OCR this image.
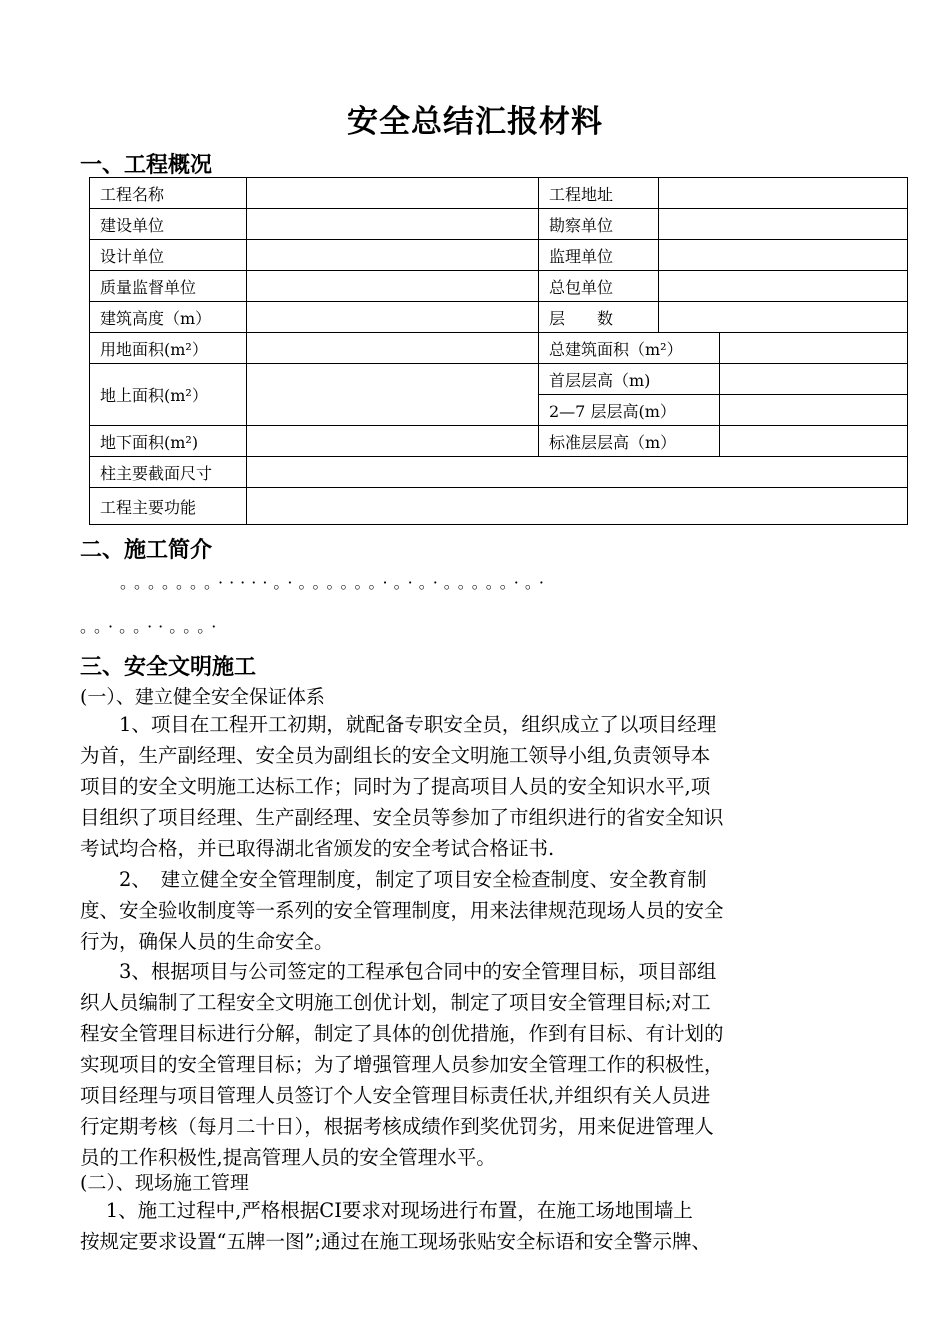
安全总结汇报材料
一、工程概况
工程名称		工程地址		
建设单位		勘察单位		
设计单位		监理单位		
质量监督单位		总包单位		
建筑高度（m）		层　　数		
用地面积(m²）		总建筑面积（m²）		
地上面积(m²）		首层层高（m)		
		2—7 层层高(m）		
地下面积(m²)		标准层层高（m）		
柱主要截面尺寸				
工程主要功能				
二、施工简介
。。。。。。。·····。·。。。。。。·。·。·。。。。。·。·
。。·。。··。。。·
三、安全文明施工
(一）、建立健全安全保证体系
　　1、项目在工程开工初期，就配备专职安全员，组织成立了以项目经理
为首，生产副经理、安全员为副组长的安全文明施工领导小组,负责领导本
项目的安全文明施工达标工作；同时为了提高项目人员的安全知识水平,项
目组织了项目经理、生产副经理、安全员等参加了市组织进行的省安全知识
考试均合格，并已取得湖北省颁发的安全考试合格证书.
　　2、　建立健全安全管理制度，制定了项目安全检查制度、安全教育制
度、安全验收制度等一系列的安全管理制度，用来法律规范现场人员的安全
行为，确保人员的生命安全。
　　3、根据项目与公司签定的工程承包合同中的安全管理目标，项目部组
织人员编制了工程安全文明施工创优计划，制定了项目安全管理目标;对工
程安全管理目标进行分解，制定了具体的创优措施，作到有目标、有计划的
实现项目的安全管理目标；为了增强管理人员参加安全管理工作的积极性，
项目经理与项目管理人员签订个人安全管理目标责任状,并组织有关人员进
行定期考核（每月二十日），根据考核成绩作到奖优罚劣，用来促进管理人
员的工作积极性,提高管理人员的安全管理水平。
(二）、现场施工管理
　 1、施工过程中,严格根据CI要求对现场进行布置，在施工场地围墙上
按规定要求设置“五牌一图”;通过在施工现场张贴安全标语和安全警示牌、
